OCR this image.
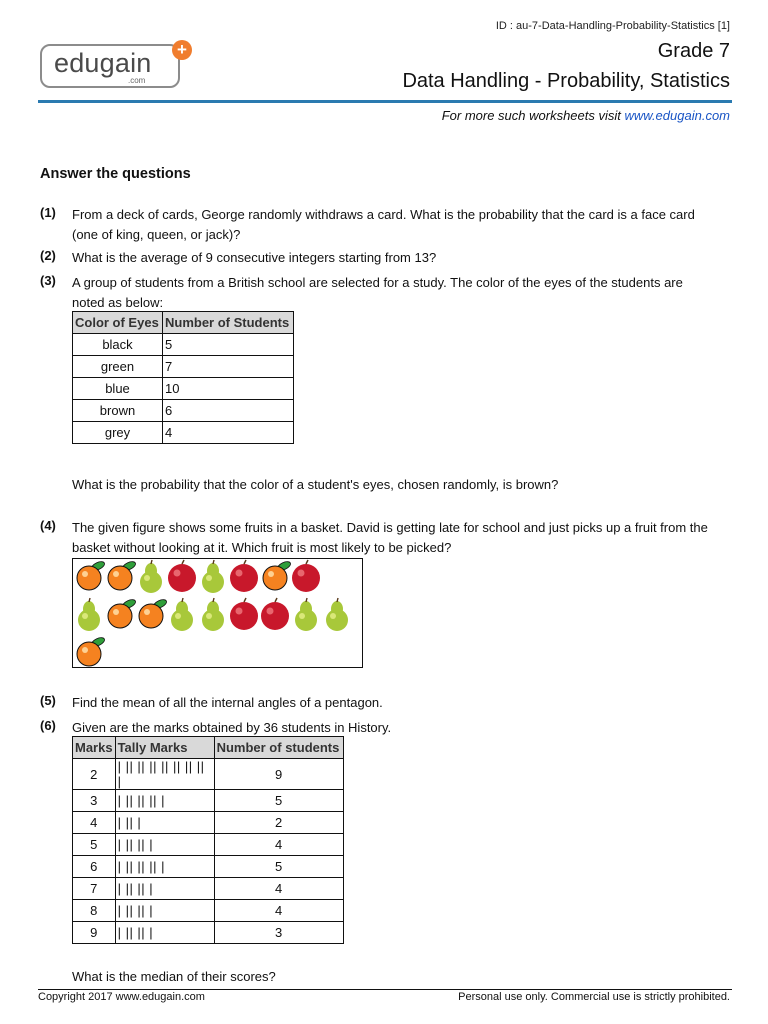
ID : au-7-Data-Handling-Probability-Statistics [1]
edugain
.com
+	Grade 7
Data Handling - Probability, Statistics
For more such worksheets visit www.edugain.com
Answer the questions
(1) From a deck of cards, George randomly withdraws a card. What is the probability that the card is a face card (one of king, queen, or jack)?
(2) What is the average of 9 consecutive integers starting from 13?
(3) A group of students from a British school are selected for a study. The color of the eyes of the students are noted as below:
Color of Eyes	Number of Students
black	5
green	7
blue	10
brown	6
grey	4
What is the probability that the color of a student's eyes, chosen randomly, is brown?
(4) The given figure shows some fruits in a basket. David is getting late for school and just picks up a fruit from the basket without looking at it. Which fruit is most likely to be picked?
(5) Find the mean of all the internal angles of a pentagon.
(6) Given are the marks obtained by 36 students in History.
Marks	Tally Marks	Number of students
2	| || || || || || || || |	9
3	| || || || |	5
4	| || |	2
5	| || || |	4
6	| || || || |	5
7	| || || |	4
8	| || || |	4
9	| || || |	3
What is the median of their scores?
Copyright 2017 www.edugain.com	Personal use only. Commercial use is strictly prohibited.
